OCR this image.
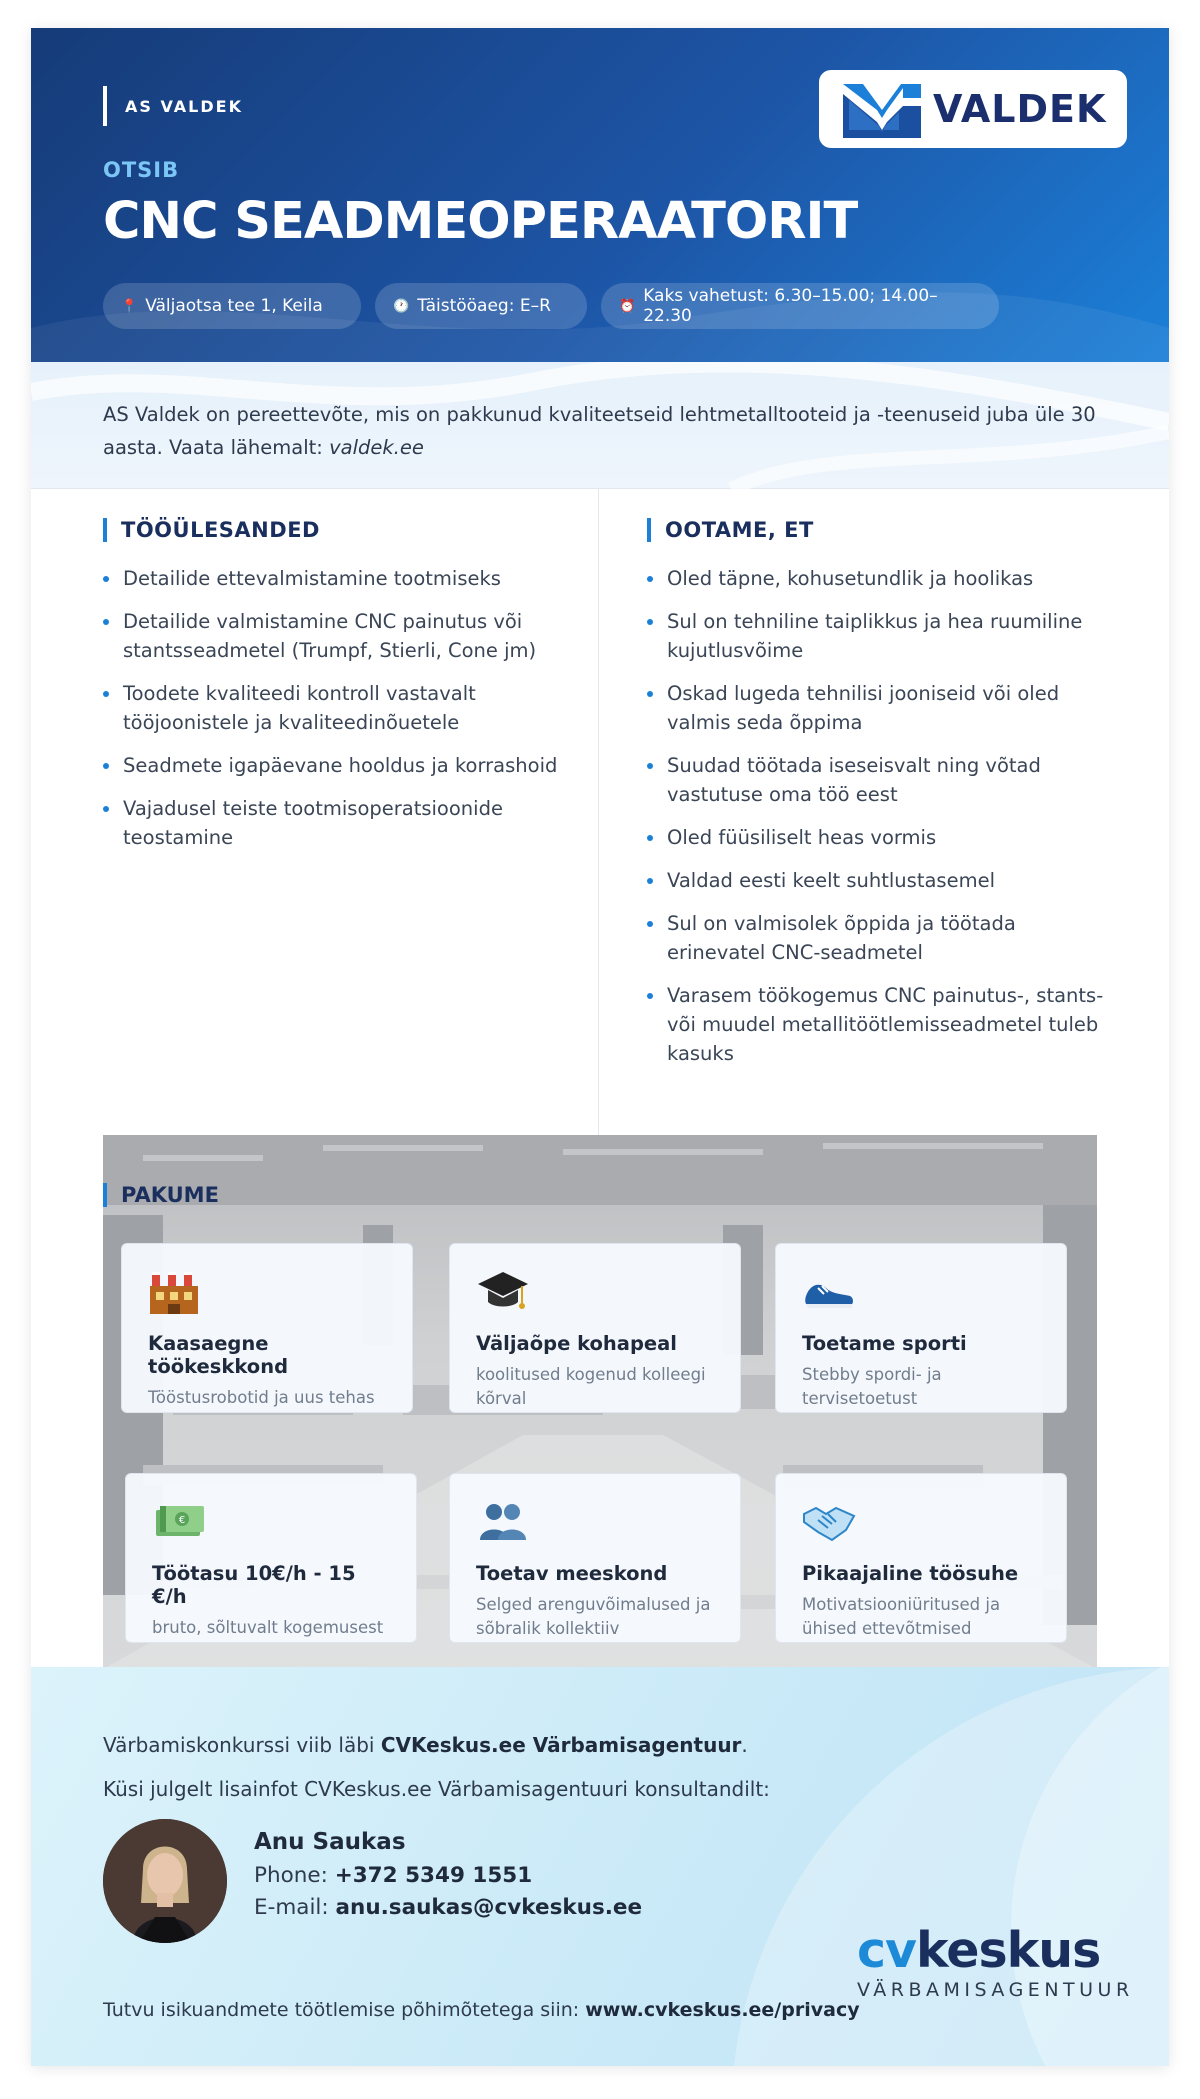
AS VALDEK	VALDEK
OTSIB
CNC SEADMEOPERAATORIT
📍 Väljaotsa tee 1, Keila	🕐 Täistööaeg: E–R	⏰ Kaks vahetust: 6.30–15.00; 14.00–22.30

AS Valdek on pereettevõte, mis on pakkunud kvaliteetseid lehtmetalltooteid ja -teenuseid juba üle 30 aasta. Vaata lähemalt: valdek.ee

TÖÖÜLESANDED
Detailide ettevalmistamine tootmiseks
Detailide valmistamine CNC painutus või stantsseadmetel (Trumpf, Stierli, Cone jm)
Toodete kvaliteedi kontroll vastavalt tööjoonistele ja kvaliteedinõuetele
Seadmete igapäevane hooldus ja korrashoid
Vajadusel teiste tootmisoperatsioonide teostamine
OOTAME, ET
Oled täpne, kohusetundlik ja hoolikas
Sul on tehniline taiplikkus ja hea ruumiline kujutlusvõime
Oskad lugeda tehnilisi jooniseid või oled valmis seda õppima
Suudad töötada iseseisvalt ning võtad vastutuse oma töö eest
Oled füüsiliselt heas vormis
Valdad eesti keelt suhtlustasemel
Sul on valmisolek õppida ja töötada erinevatel CNC-seadmetel
Varasem töökogemus CNC painutus-, stants- või muudel metallitöötlemisseadmetel tuleb kasuks
PAKUME
Kaasaegne töökeskkond
Tööstusrobotid ja uus tehas
Väljaõpe kohapeal
koolitused kogenud kolleegi kõrval
Toetame sporti
Stebby spordi- ja tervisetoetust
€
Töötasu 10€/h - 15 €/h
bruto, sõltuvalt kogemusest
Toetav meeskond
Selged arenguvõimalused ja sõbralik kollektiiv
Pikaajaline töösuhe
Motivatsiooniüritused ja ühised ettevõtmised
Värbamiskonkurssi viib läbi CVKeskus.ee Värbamisagentuur.
Küsi julgelt lisainfot CVKeskus.ee Värbamisagentuuri konsultandilt:
Anu Saukas
Phone: +372 5349 1551
E-mail: anu.saukas@cvkeskus.ee
Tutvu isikuandmete töötlemise põhimõtetega siin: www.cvkeskus.ee/privacy
cvkeskus
VÄRBAMISAGENTUUR
